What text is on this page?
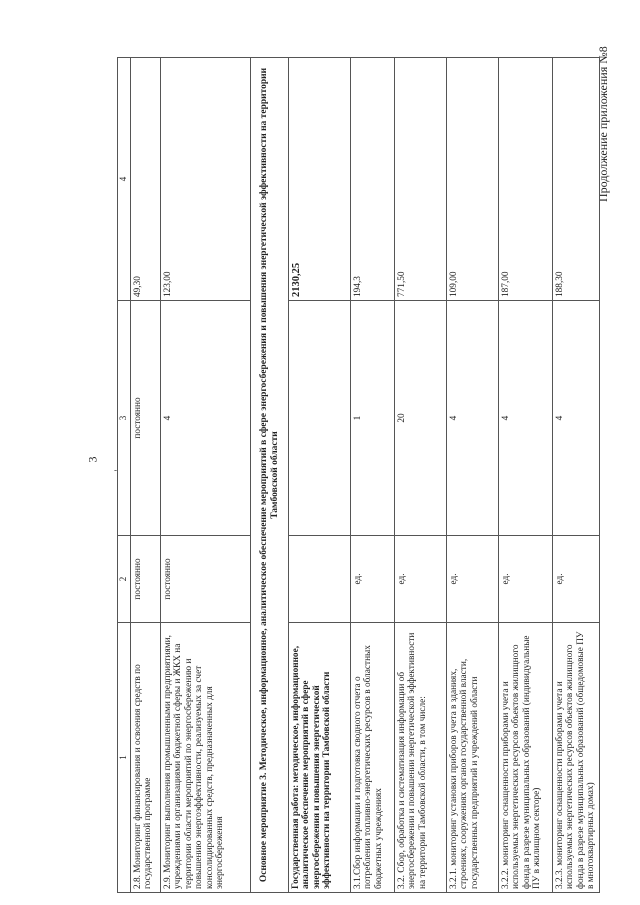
Продолжение приложения №8
3
'
1	2	3	4
2.8. Мониторинг финансирования и освоения средств по государственной программе	постоянно	постоянно	49,30
2.9. Мониторинг выполнения промышленными предприятиями, учреждениями и организациями бюджетной сферы и ЖКХ на территории области мероприятий по энергосбережению и повышению энергоэффективности, реализуемых за счет консолидированных средств, предназначенных для энергосбережения	постоянно	4	123,00
Основное мероприятие 3. Методическое, информационное, аналитическое обеспечение мероприятий в сфере энергосбережения и повышения энергетической эффективности на территории Тамбовской области			
Государственная работа: методическое, информационное, аналитическое обеспечение мероприятий в сфере энергосбережения и повышения энергетической эффективности на территории Тамбовской области			2130,25
3.1.Сбор информации и подготовка сводного отчета о потреблении топливно-энергетических ресурсов в областных бюджетных учреждениях	ед.	1	194,3
3.2. Сбор, обработка и систематизация информации об энергосбережении и повышении энергетической эффективности на территории Тамбовской области, в том числе:	ед.	20	771,50
3.2.1. мониторинг установки приборов учета в зданиях, строениях, сооружениях органов государственной власти, государственных предприятий и учреждений области	ед.	4	109,00
3.2.2. мониторинг оснащенности приборами учета и используемых энергетических ресурсов объектов жилищного фонда в разрезе муниципальных образований (индивидуальные ПУ в жилищном секторе)	ед.	4	187,00
3.2.3. мониторинг оснащенности приборами учета и используемых энергетических ресурсов объектов жилищного фонда в разрезе муниципальных образований (общедомовые ПУ в многоквартирных домах)	ед.	4	188,30
